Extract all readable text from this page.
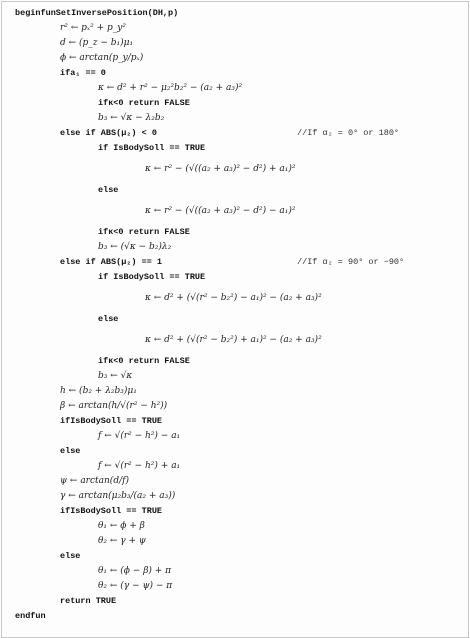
beginfunSetInversePosition(DH,p)
r² ← pₓ² + p_y²
d ← (p_z − b₁)μ₁
ϕ ← arctan(p_y/pₓ)
ifa₁ == 0
κ ← d² + r² − μ₂²b₂² − (a₂ + a₃)²
ifκ<0 return FALSE
b₃ ← √κ − λ₂b₂
else if ABS(μ₂) < 0	//If α₂ = 0° or 180°
if IsBodySoll == TRUE
κ ← r² − (√((a₂ + a₃)² − d²) + a₁)²
else
κ ← r² − (√((a₂ + a₃)² − d²) − a₁)²
ifκ<0 return FALSE
b₃ ← (√κ − b₂)λ₂
else if ABS(μ₂) == 1	//If α₂ = 90° or −90°
if IsBodySoll == TRUE
κ ← d² + (√(r² − b₂²) − a₁)² − (a₂ + a₃)²
else
κ ← d² + (√(r² − b₂²) + a₁)² − (a₂ + a₃)²
ifκ<0 return FALSE
b₃ ← √κ
h ← (b₂ + λ₂b₃)μ₁
β ← arctan(h/√(r² − h²))
ifIsBodySoll == TRUE
f ← √(r² − h²) − a₁
else
f ← √(r² − h²) + a₁
ψ ← arctan(d/f)
γ ← arctan(μ₂b₃/(a₂ + a₃))
ifIsBodySoll == TRUE
θ₁ ← ϕ + β
θ₂ ← γ + ψ
else
θ₁ ← (ϕ − β) + π
θ₂ ← (γ − ψ) − π
return TRUE
endfun
